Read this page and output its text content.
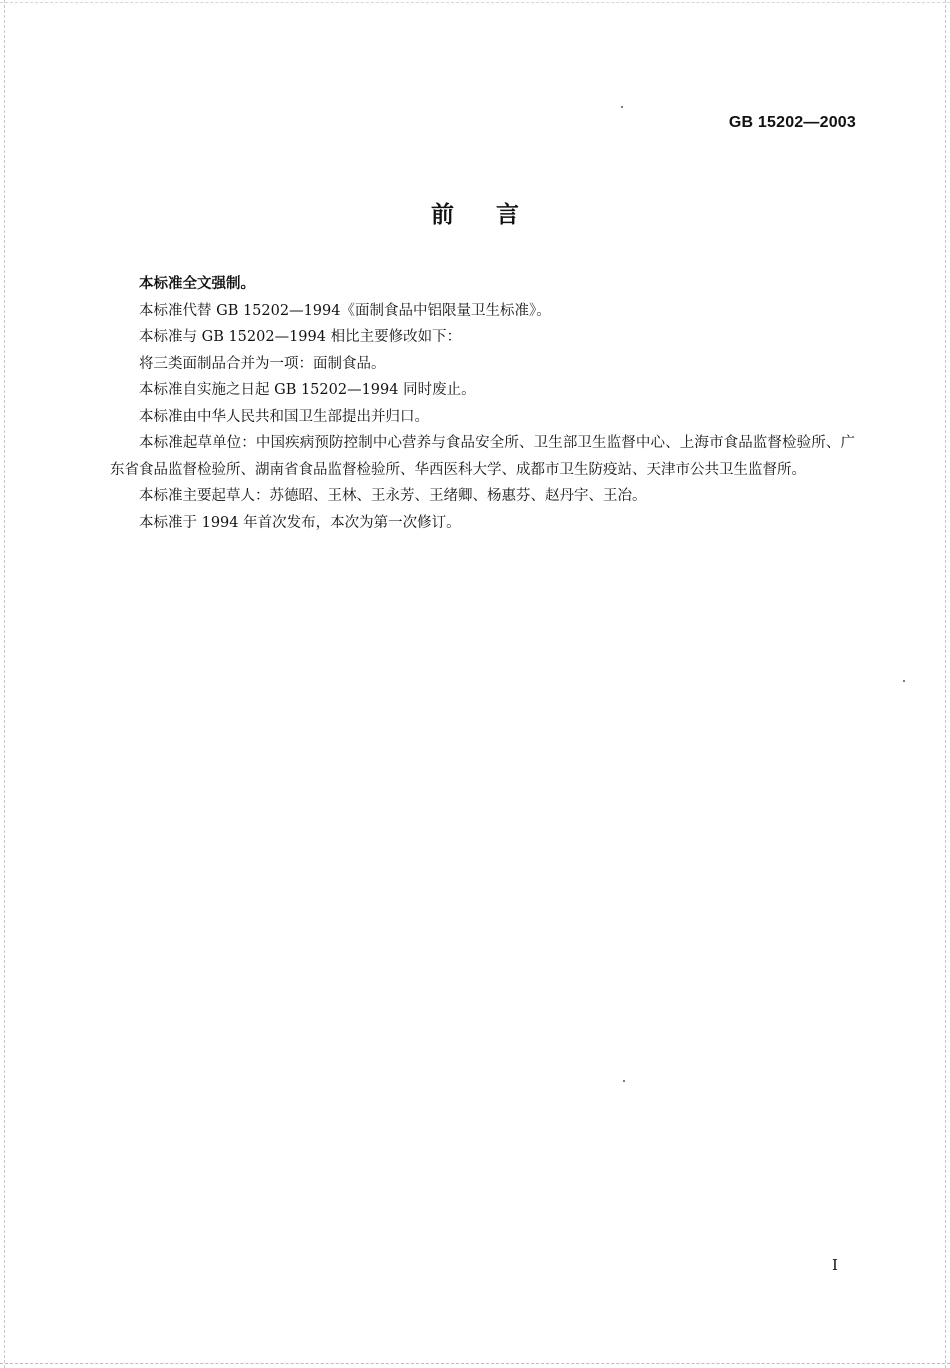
GB 15202—2003
前言

本标准全文强制。

本标准代替 GB 15202—1994《面制食品中铝限量卫生标准》。

本标准与 GB 15202—1994 相比主要修改如下：

将三类面制品合并为一项：面制食品。

本标准自实施之日起 GB 15202—1994 同时废止。

本标准由中华人民共和国卫生部提出并归口。

本标准起草单位：中国疾病预防控制中心营养与食品安全所、卫生部卫生监督中心、上海市食品监督检验所、广东省食品监督检验所、湖南省食品监督检验所、华西医科大学、成都市卫生防疫站、天津市公共卫生监督所。

本标准主要起草人：苏德昭、王林、王永芳、王绪卿、杨惠芬、赵丹宇、王冶。

本标准于 1994 年首次发布，本次为第一次修订。

I
